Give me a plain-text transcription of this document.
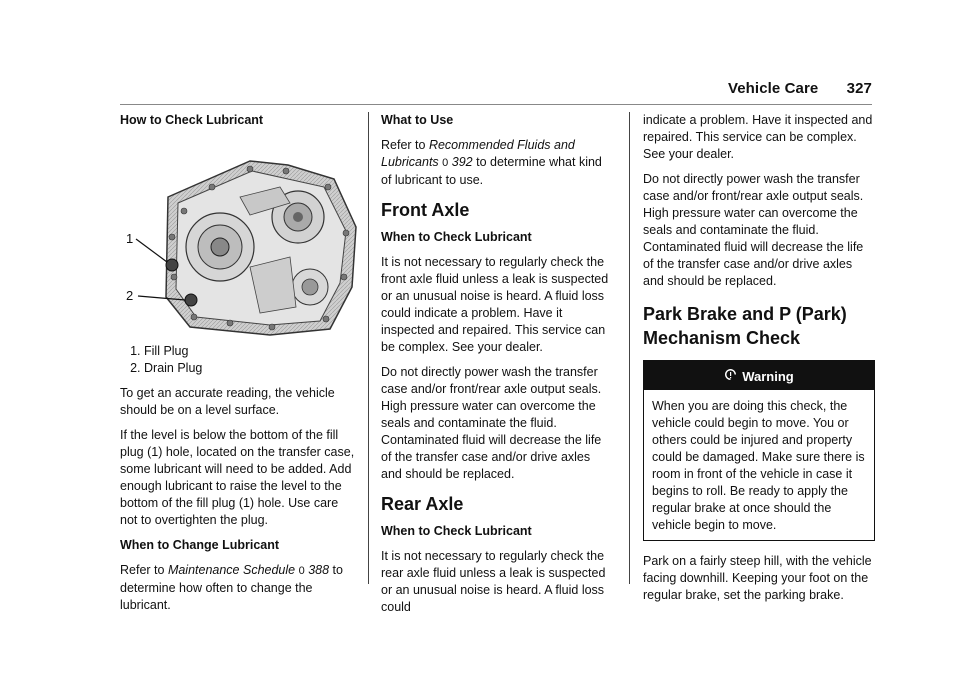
Vehicle Care 327

How to Check Lubricant

1
2
1. Fill Plug
2. Drain Plug

To get an accurate reading, the vehicle should be on a level surface.

If the level is below the bottom of the fill plug (1) hole, located on the transfer case, some lubricant will need to be added. Add enough lubricant to raise the level to the bottom of the fill plug (1) hole. Use care not to overtighten the plug.

When to Change Lubricant

Refer to Maintenance Schedule 0 388 to determine how often to change the lubricant.

What to Use

Refer to Recommended Fluids and Lubricants 0 392 to determine what kind of lubricant to use.

Front Axle

When to Check Lubricant

It is not necessary to regularly check the front axle fluid unless a leak is suspected or an unusual noise is heard. A fluid loss could indicate a problem. Have it inspected and repaired. This service can be complex. See your dealer.

Do not directly power wash the transfer case and/or front/rear axle output seals. High pressure water can overcome the seals and contaminate the fluid. Contaminated fluid will decrease the life of the transfer case and/or drive axles and should be replaced.

Rear Axle

When to Check Lubricant

It is not necessary to regularly check the rear axle fluid unless a leak is suspected or an unusual noise is heard. A fluid loss could

indicate a problem. Have it inspected and repaired. This service can be complex. See your dealer.

Do not directly power wash the transfer case and/or front/rear axle output seals. High pressure water can overcome the seals and contaminate the fluid. Contaminated fluid will decrease the life of the transfer case and/or drive axles and should be replaced.

Park Brake and P (Park)
Mechanism Check
Warning
When you are doing this check, the vehicle could begin to move. You or others could be injured and property could be damaged. Make sure there is room in front of the vehicle in case it begins to roll. Be ready to apply the regular brake at once should the vehicle begin to move.

Park on a fairly steep hill, with the vehicle facing downhill. Keeping your foot on the regular brake, set the parking brake.
